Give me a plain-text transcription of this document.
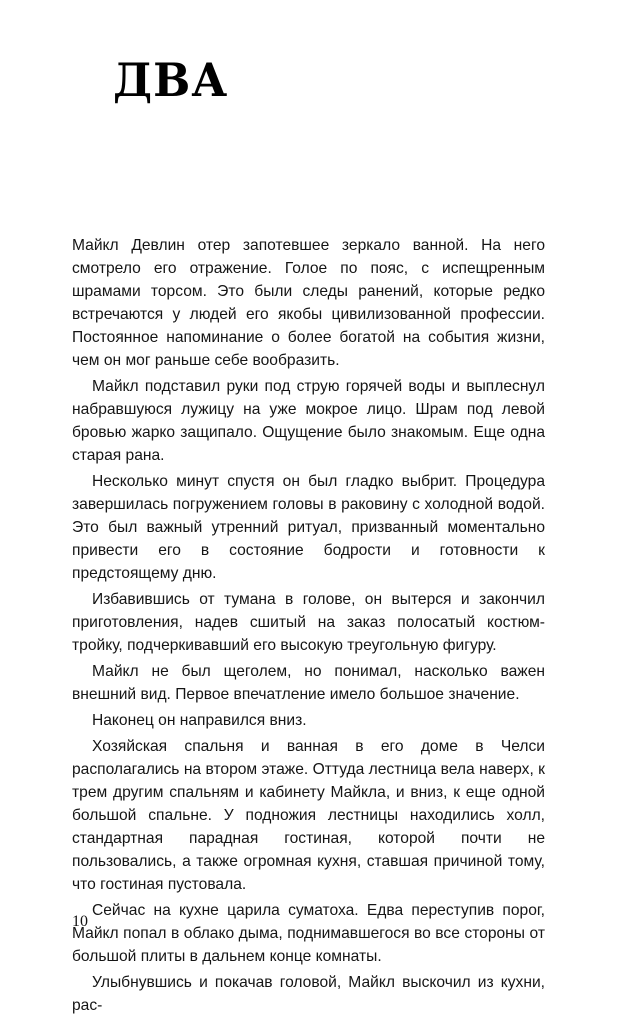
ДВА

Майкл Девлин отер запотевшее зеркало ванной. На него смотрело его отражение. Голое по пояс, с испещренным шрамами торсом. Это были следы ранений, которые редко встречаются у людей его якобы цивилизованной профессии. Постоянное напоминание о более богатой на события жизни, чем он мог раньше себе вообразить.

Майкл подставил руки под струю горячей воды и выплеснул набравшуюся лужицу на уже мокрое лицо. Шрам под левой бровью жарко защипало. Ощущение было знакомым. Еще одна старая рана.

Несколько минут спустя он был гладко выбрит. Процедура завершилась погружением головы в раковину с холодной водой. Это был важный утренний ритуал, призванный моментально привести его в состояние бодрости и готовности к предстоящему дню.

Избавившись от тумана в голове, он вытерся и закончил приготовления, надев сшитый на заказ полосатый костюм-тройку, подчеркивавший его высокую треугольную фигуру.

Майкл не был щеголем, но понимал, насколько важен внешний вид. Первое впечатление имело большое значение.

Наконец он направился вниз.

Хозяйская спальня и ванная в его доме в Челси располагались на втором этаже. Оттуда лестница вела наверх, к трем другим спальням и кабинету Майкла, и вниз, к еще одной большой спальне. У подножия лестницы находились холл, стандартная парадная гостиная, которой почти не пользовались, а также огромная кухня, ставшая причиной тому, что гостиная пустовала.

Сейчас на кухне царила суматоха. Едва переступив порог, Майкл попал в облако дыма, поднимавшегося во все стороны от большой плиты в дальнем конце комнаты.

Улыбнувшись и покачав головой, Майкл выскочил из кухни, рас-

10
